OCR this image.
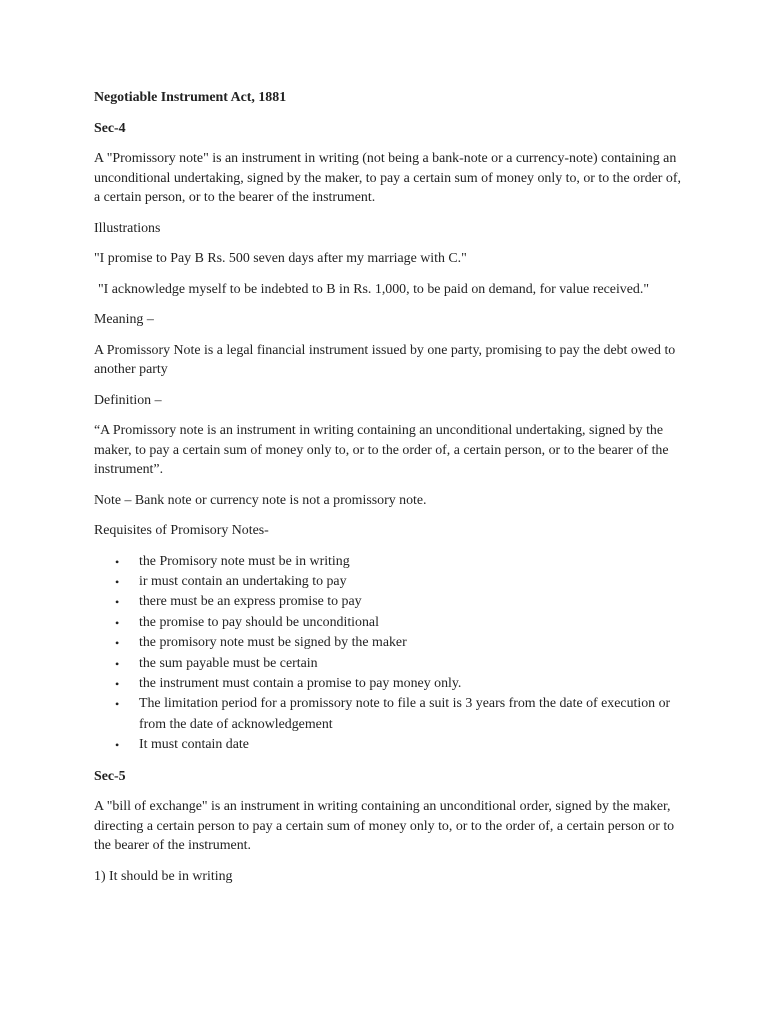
Negotiable Instrument Act, 1881

Sec-4

A "Promissory note" is an instrument in writing (not being a bank-note or a currency-note) containing an unconditional undertaking, signed by the maker, to pay a certain sum of money only to, or to the order of, a certain person, or to the bearer of the instrument.

Illustrations

"I promise to Pay B Rs. 500 seven days after my marriage with C."

"I acknowledge myself to be indebted to B in Rs. 1,000, to be paid on demand, for value received."

Meaning –

A Promissory Note is a legal financial instrument issued by one party, promising to pay the debt owed to another party

Definition –

“A Promissory note is an instrument in writing containing an unconditional undertaking, signed by the maker, to pay a certain sum of money only to, or to the order of, a certain person, or to the bearer of the instrument”.

Note – Bank note or currency note is not a promissory note.

Requisites of Promisory Notes-

• the Promisory note must be in writing
• ir must contain an undertaking to pay
• there must be an express promise to pay
• the promise to pay should be unconditional
• the promisory note must be signed by the maker
• the sum payable must be certain
• the instrument must contain a promise to pay money only.
• The limitation period for a promissory note to file a suit is 3 years from the date of execution or from the date of acknowledgement
• It must contain date

Sec-5

A "bill of exchange" is an instrument in writing containing an unconditional order, signed by the maker, directing a certain person to pay a certain sum of money only to, or to the order of, a certain person or to the bearer of the instrument.

1) It should be in writing
